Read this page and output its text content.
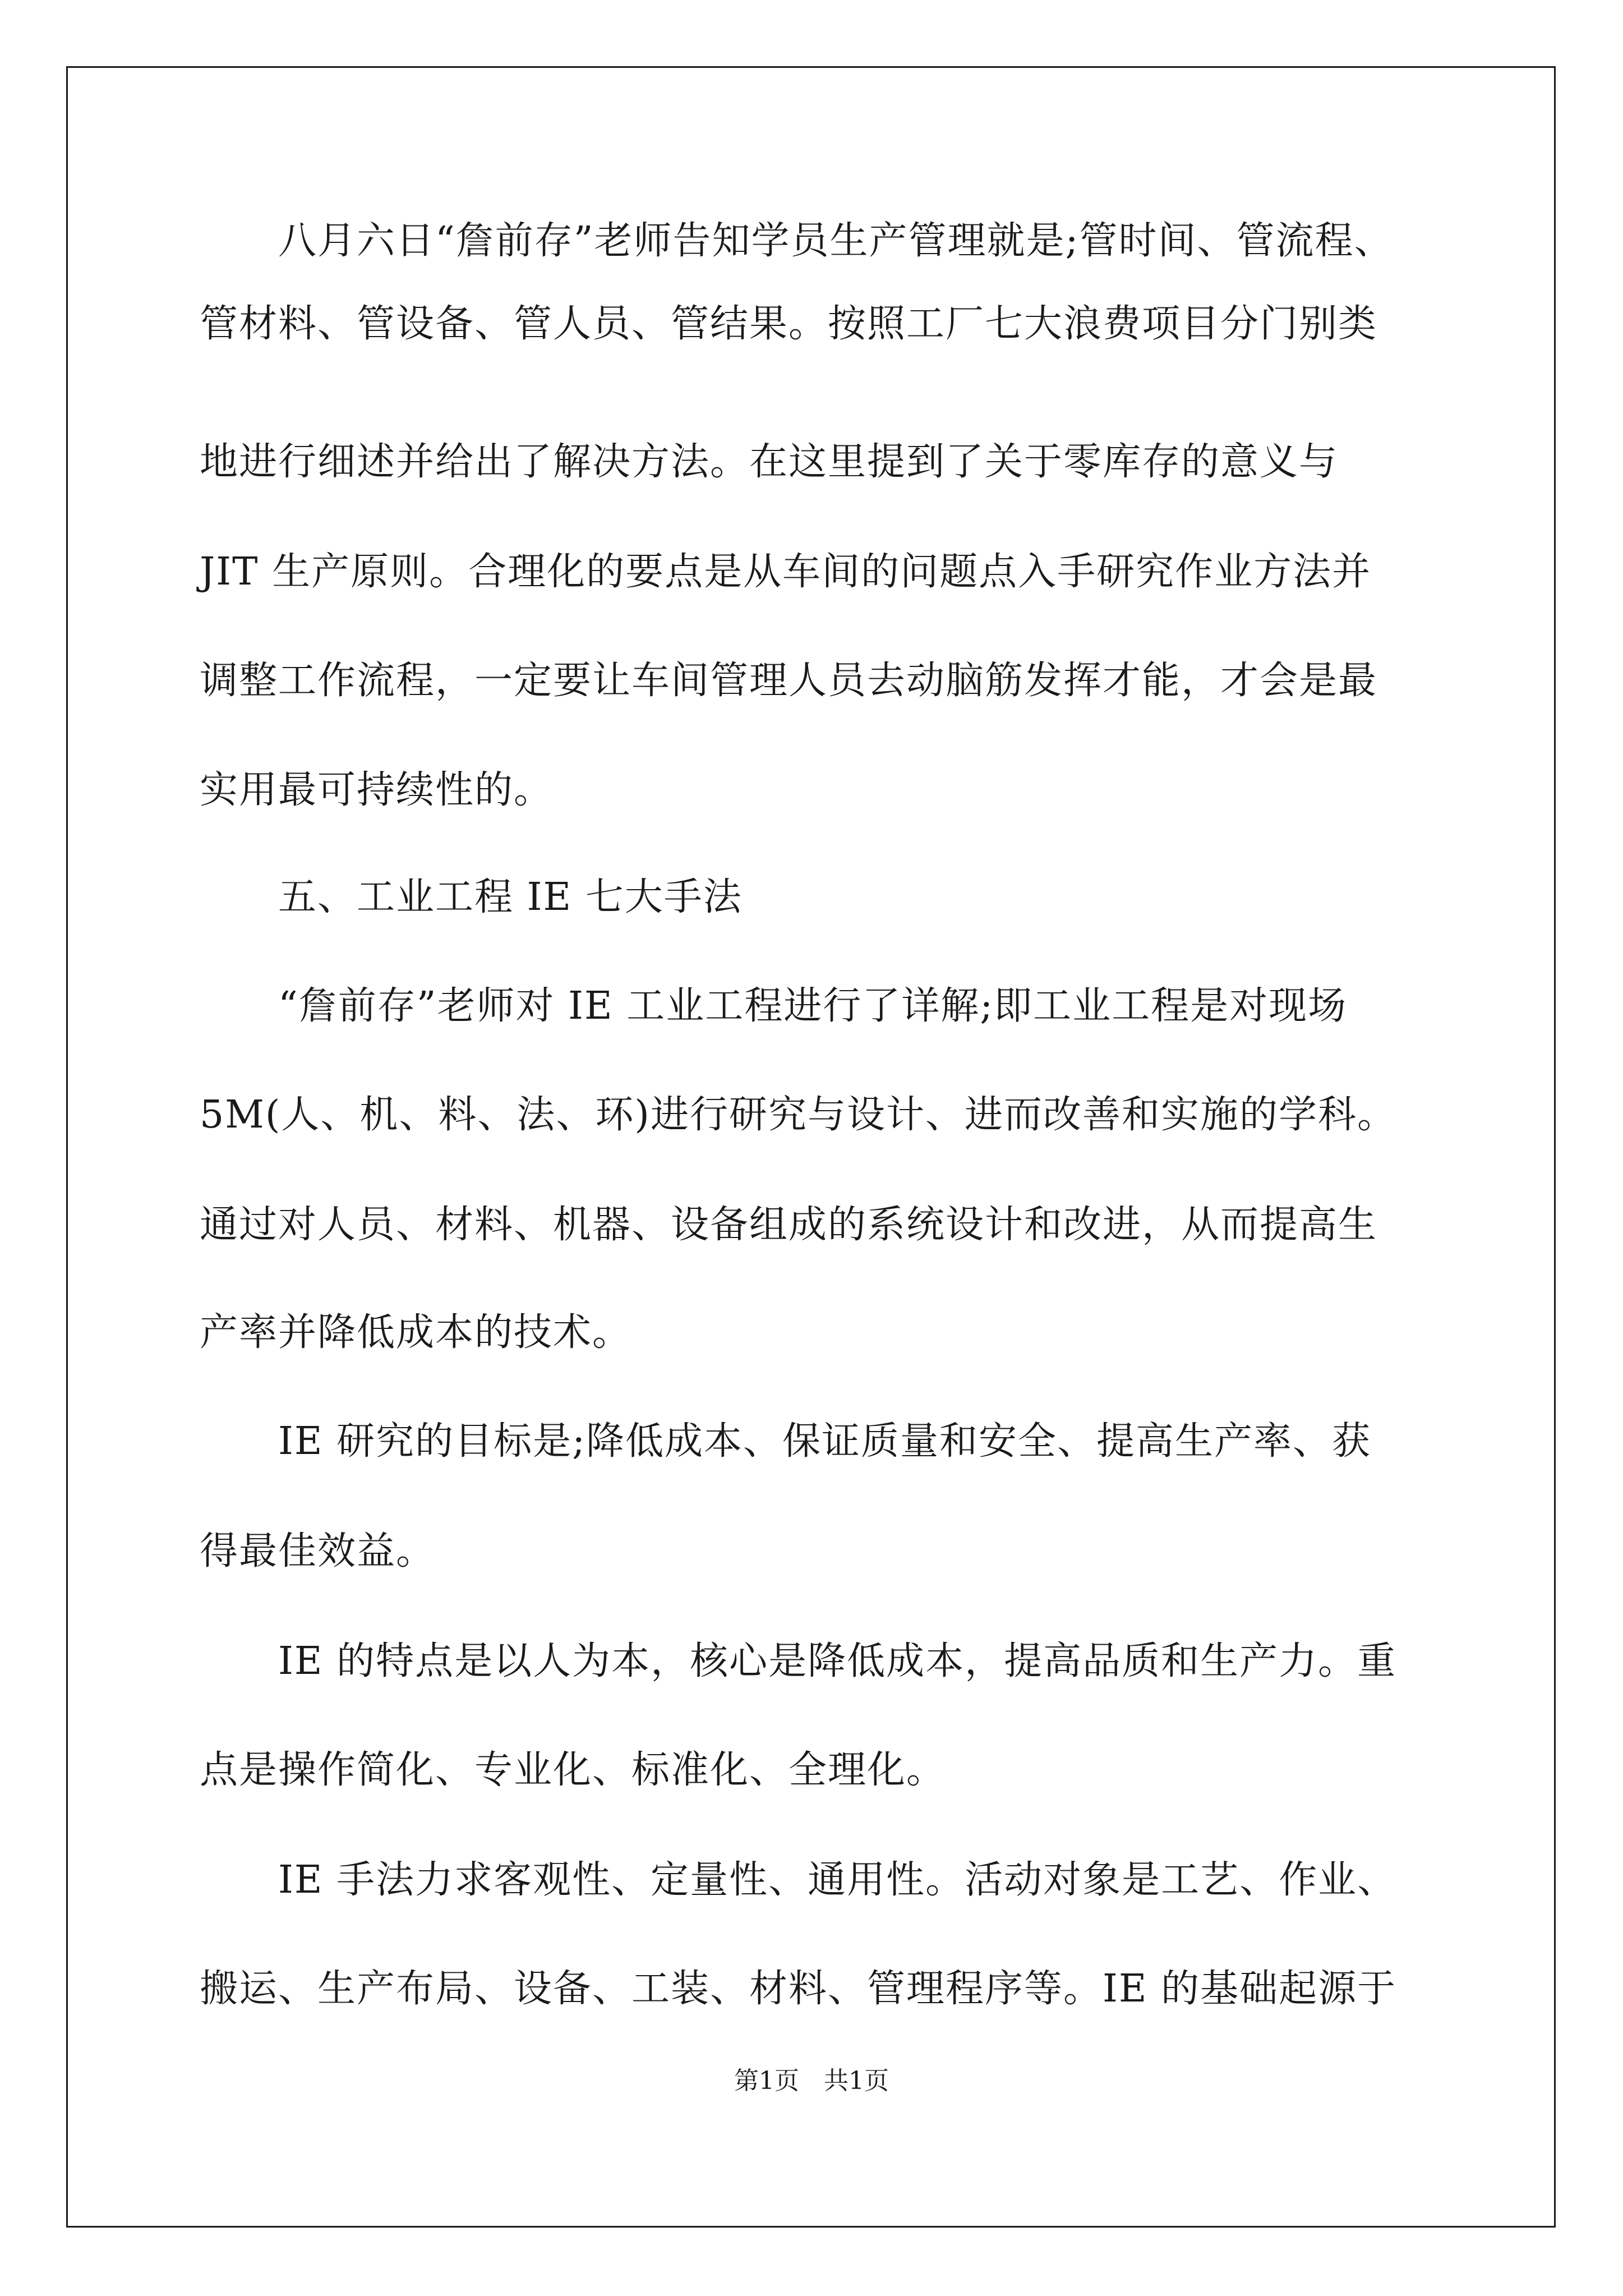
八月六日“詹前存”老师告知学员生产管理就是;管时间、管流程、
管材料、管设备、管人员、管结果。按照工厂七大浪费项目分门别类
地进行细述并给出了解决方法。在这里提到了关于零库存的意义与
JIT 生产原则。合理化的要点是从车间的问题点入手研究作业方法并
调整工作流程，一定要让车间管理人员去动脑筋发挥才能，才会是最
实用最可持续性的。
五、工业工程 IE 七大手法
“詹前存”老师对 IE 工业工程进行了详解;即工业工程是对现场
5M(人、机、料、法、环)进行研究与设计、进而改善和实施的学科。
通过对人员、材料、机器、设备组成的系统设计和改进，从而提高生
产率并降低成本的技术。
IE 研究的目标是;降低成本、保证质量和安全、提高生产率、获
得最佳效益。
IE 的特点是以人为本，核心是降低成本，提高品质和生产力。重
点是操作简化、专业化、标准化、全理化。
IE 手法力求客观性、定量性、通用性。活动对象是工艺、作业、
搬运、生产布局、设备、工装、材料、管理程序等。IE 的基础起源于
第1页　共1页
